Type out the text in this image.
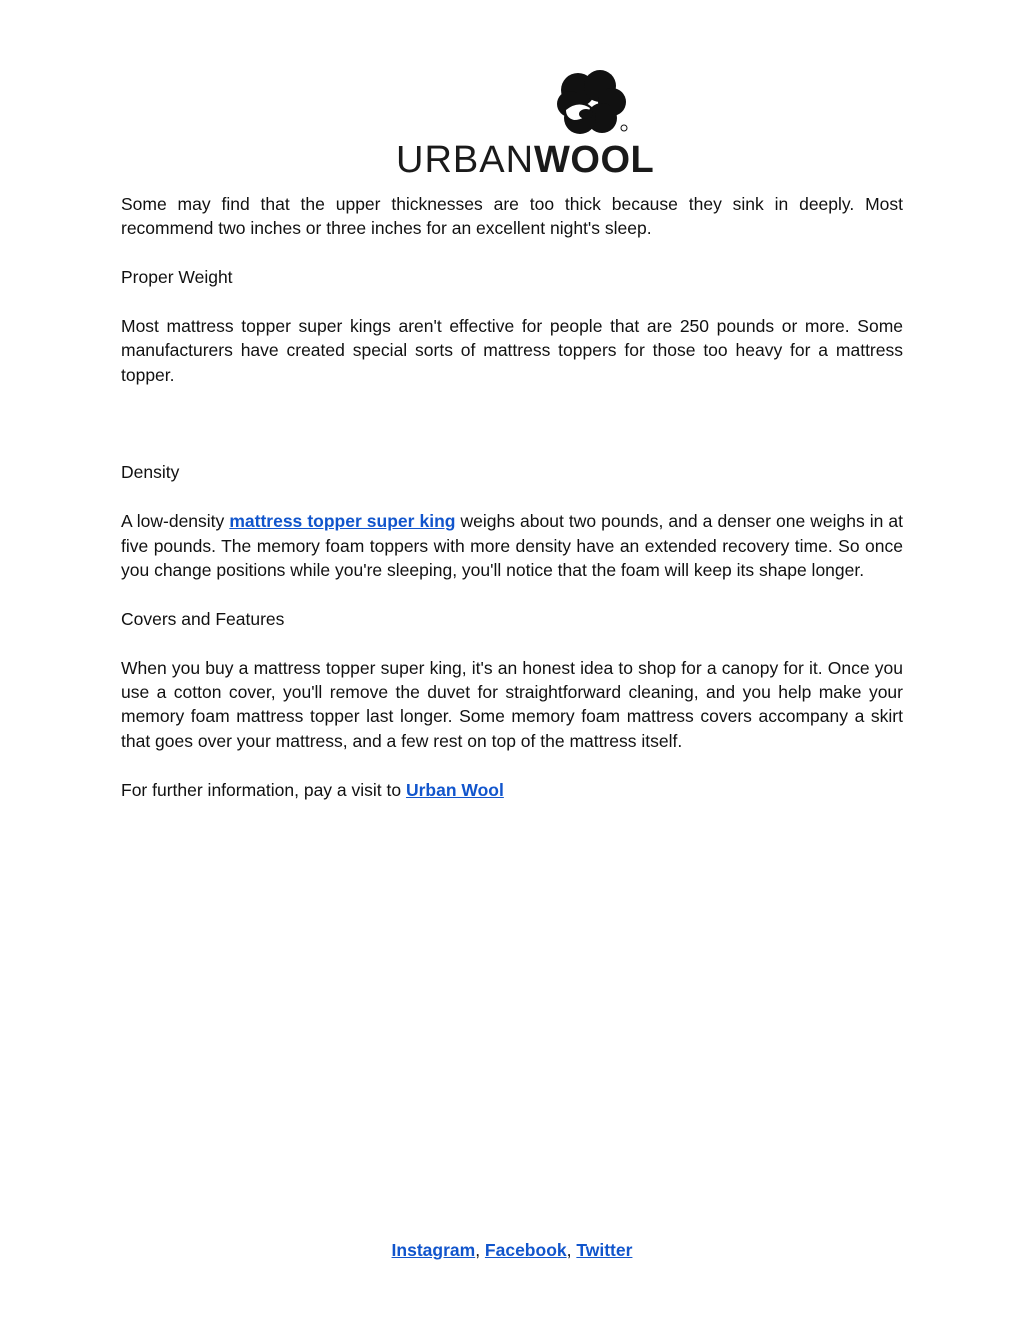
URBANWOOL

Some may find that the upper thicknesses are too thick because they sink in deeply. Most recommend two inches or three inches for an excellent night's sleep.

Proper Weight

Most mattress topper super kings aren't effective for people that are 250 pounds or more. Some manufacturers have created special sorts of mattress toppers for those too heavy for a mattress topper.

Density

A low-density mattress topper super king weighs about two pounds, and a denser one weighs in at five pounds. The memory foam toppers with more density have an extended recovery time. So once you change positions while you're sleeping, you'll notice that the foam will keep its shape longer.

Covers and Features

When you buy a mattress topper super king, it's an honest idea to shop for a canopy for it. Once you use a cotton cover, you'll remove the duvet for straightforward cleaning, and you help make your memory foam mattress topper last longer. Some memory foam mattress covers accompany a skirt that goes over your mattress, and a few rest on top of the mattress itself.

For further information, pay a visit to Urban Wool

Instagram, Facebook, Twitter
